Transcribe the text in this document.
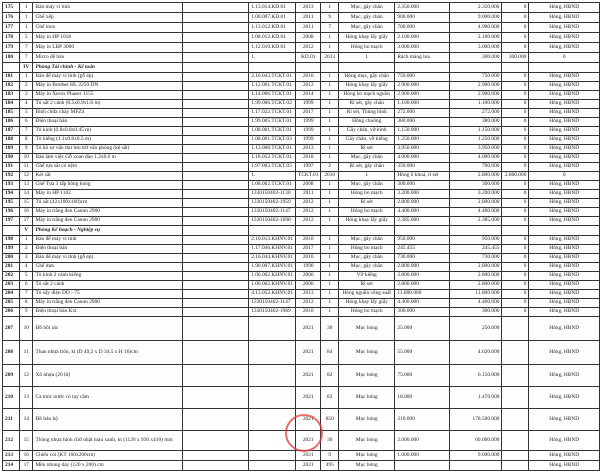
175	1	Bàn máy vi tính		1.13.014.KD.01	2013	1	Mục, gãy chân	2.350.000	2.350.000	0	Hỏng, HBND
176	1	Ghế xếp		1.00.007.KD.01	2011	9	Mục, gãy chân	900.000	9.000.000	0	Hỏng, HBND
177	1	Ghế inox		1.13.012.KD.01	2011	7	Mục, gãy chân	700.000	4.900.000	0	Hỏng, HBND
178	5	Máy in HP 1018		1.08.012.KD.01	2008	1	Hỏng khay lấy giấy	2.100.000	2.100.000	0	Hỏng, HBND
179	7	Máy in LBP 3000		1.12.010.KD.01	2012	1	Hỏng bo mạch	3.000.000	3.000.000	0	Hỏng, HBND
180	7	Micro để bàn		1.	KD.01	2013	1	Rách màng loa	300.000	300.000	0
	IV	Phòng Tài chính - Kế toán									
181	1	Bàn để máy vi tính (gỗ ép)		2.16.043.TCKT.01	2016	1	Hỏng mục, gãy chân	750.000	750.000	0	Hỏng, HBND
182	2	Máy in Brother HL 2250 DN		1.12.001.TCKT.01	2012	1	Hỏng khay lấy giấy	2.900.000	2.900.000	0	Hỏng, HBND
183	3	Máy in Xerox Phaser 3155		1.14.006.TCKT.01	2014	1	Hỏng bo mạch nguồn	2.900.000	2.900.000	0	Hỏng, HBND
184	4	Tủ sắt 2 cánh (0.5x0.9x1.6 m)		1.99.006.TCKT.02	1999	1	Rỉ sét, gãy chân	1.100.000	1.100.000	0	Hỏng, HBND
185	5	Bình chữa cháy MFZ4		1.17.022.TCKT.01	2017	1	Rỉ sét, Thủng bình	272.000	272.000	0	Hỏng, HBND
186	6	Điện thoại bàn		1.99.005.TCKT.01	1999	1	Hỏng chuông	380.000	380.000	0	Hỏng, HBND
187	7	Tủ kính (0.8x0.8x0.45 m)		1.08.001.TCKT.01	1999	1	Gãy chân, vỡ kính	1.150.000	1.150.000	0	Hỏng, HBND
188	8	Tủ kiếng (1.1x0.8x0.5 m)		1.08.001.TCKT.03	1999	1	Gãy chân, vỡ kiếng	1.250.000	1.250.000	0	Hỏng, HBND
189	9	Tủ hồ sơ văn thư lưu trữ văn phòng (kệ sắt)		1.13.008.TCKT.01	2013	1	Rỉ sét	3.950.000	3.950.000	0	Hỏng, HBND
190	10	Bàn làm việc Gỗ xoan đào 1.2x0.6 m		1.18.052.TCKT.01	2018	1	Mục, gãy chân	4.000.000	4.000.000	0	Hỏng, HBND
191	11	Ghế tựa sắt có nệm		1.97.003.TCKT.03	1997	2	Rỉ sét, gãy chân	350.000	700.000	0	Hỏng, HBND
192	12	Két sắt		1.	TCKT.01	2010	1	Hỏng ổ khoá, rỉ sét	2.800.000	2.800.000	0
193	13	Ghế Tựa 3 tấp hồng kong		1.08.062.TCKT.01	2008	1	Mục, gãy chân	300.000	300.000	0	Hỏng, HBND
194	14	Máy in HP 1102		1330150402-1130	2011	1	Hỏng bo mạch	3.200.000	3.200.000	0	Hỏng, HBND
195	15	Tủ sắt (42x100x160)cm		1330150402-1959	2012	1	Rỉ sét	2.800.000	2.800.000	0	Hỏng, HBND
196	16	Máy in trắng đen Canon 2900		1330150402-1147	2012	1	Hỏng bo mạch	4.400.000	4.400.000	0	Hỏng, HBND
197	17	Máy in trắng đen Canon 2900		1330150402-1098	2012	1	Hỏng khay lấy giấy	2.385.000	2.385.000	0	Hỏng, HBND
	V	Phòng Kế hoạch - Nghiệp vụ									
198	1	Bàn để máy vi tính		2.10.013.KHNV.01	2010	1	Mục, gãy chân	950.000	950.000	0	Hỏng, HBND
199	2	Điện thoại bàn		1.17.046.KHNV.01	2017	1	Hỏng bo mạch	245.455	245.455	0	Hỏng, HBND
200	3	Bàn để máy vi tính (gỗ ép)		2.16.044.KHNV.01	2016	1	Mục, gãy chân	730.000	730.000	0	Hỏng, HBND
201	4	Ghế dựa		1.90.007.KHNV.01	1990	1	Mục, gãy chân	2.800.000	2.800.000	0	Hỏng, HBND
202	5	Tủ kính 2 cánh kiếng		1.06.002.KHNV.01	2006	1	Vỡ kiếng	2.800.000	2.800.000	0	Hỏng, HBND
203	6	Tủ sắt 2 cánh		1.06.002.KHNV.01	2006	1	Rỉ sét	2.800.000	2.800.000	0	Hỏng, HBND
204	7	Tủ sấy điện DO - 75		4.13.052.KHNV.01	2013	1	Hỏng nguồn công suất	11.800.000	11.800.000	0	Hỏng, HBND
205	8	Máy in trắng đen Canon 2900		1330150402-1147	2012	1	Hỏng khay lấy giấy	4.400.000	4.400.000	0	Hỏng, HBND
206	9	Điện thoại bàn Kxt		1330150402-1969	2010	1	Hỏng bo mạch	300.000	300.000	0	Hỏng, HBND
207	10	Đồ hồi rác			2021	30	Mục hỏng	25.000	250.000		Hỏng, HBND
208	11	Thau nhựa tròn, kt (D 49,2 x D 34,5 x H 16)cm			2021	84	Mục hỏng	55.000	4.620.000		Hỏng, HBND
209	12	Xô nhựa (20 lít)			2021	82	Mục hỏng	75.000	6.150.000		Hỏng, HBND
210	13	Ca múc nước có tay cầm			2021	82	Mục hỏng	18.000	1.476.000		Hỏng, HBND
211	14	Đồ bảo hộ			2021	850	Mục hỏng	210.000	178.500.000		Hỏng, HBND
212	15	Thùng nhựa hình chữ nhật màu xanh, kt (1120 x 930 x410) mm			2021	30	Mục hỏng	2.000.000	60.000.000		Hỏng, HBND
213	16	Chiếu cói (KT 160x200cm)			2021	9	Mục hỏng	1.000.000	9.000.000		Hỏng, HBND
214	17	Mền nhung dày (120 x 200) cm			2021	495	Mục hỏng				Hỏng, HBND
